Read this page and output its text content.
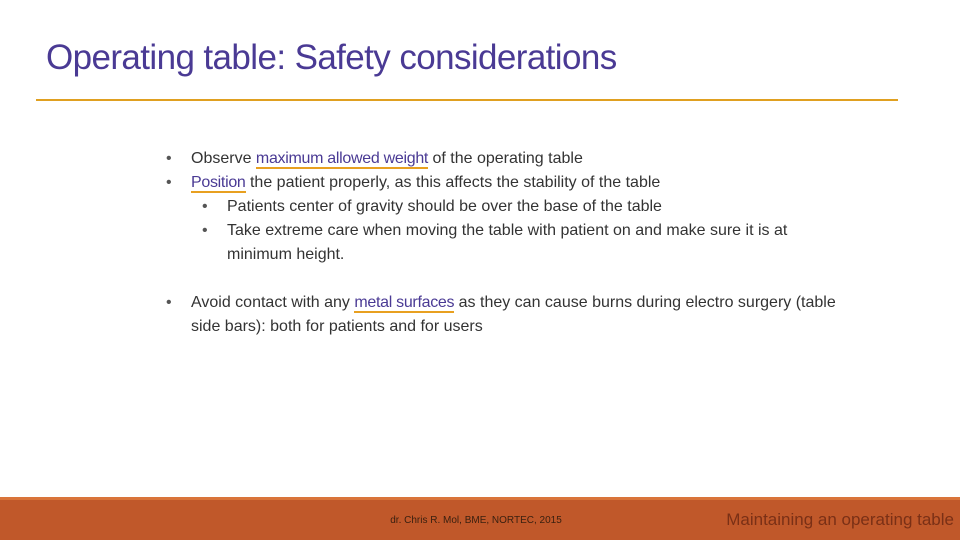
Operating table: Safety considerations
• Observe maximum allowed weight of the operating table
• Position the patient properly, as this affects the stability of the table
• Patients center of gravity should be over the base of the table
• Take extreme care when moving the table with patient on and make sure it is at minimum height.
• Avoid contact with any metal surfaces as they can cause burns during electro surgery (table side bars): both for patients and for users
dr. Chris R. Mol, BME, NORTEC, 2015	Maintaining an operating table
